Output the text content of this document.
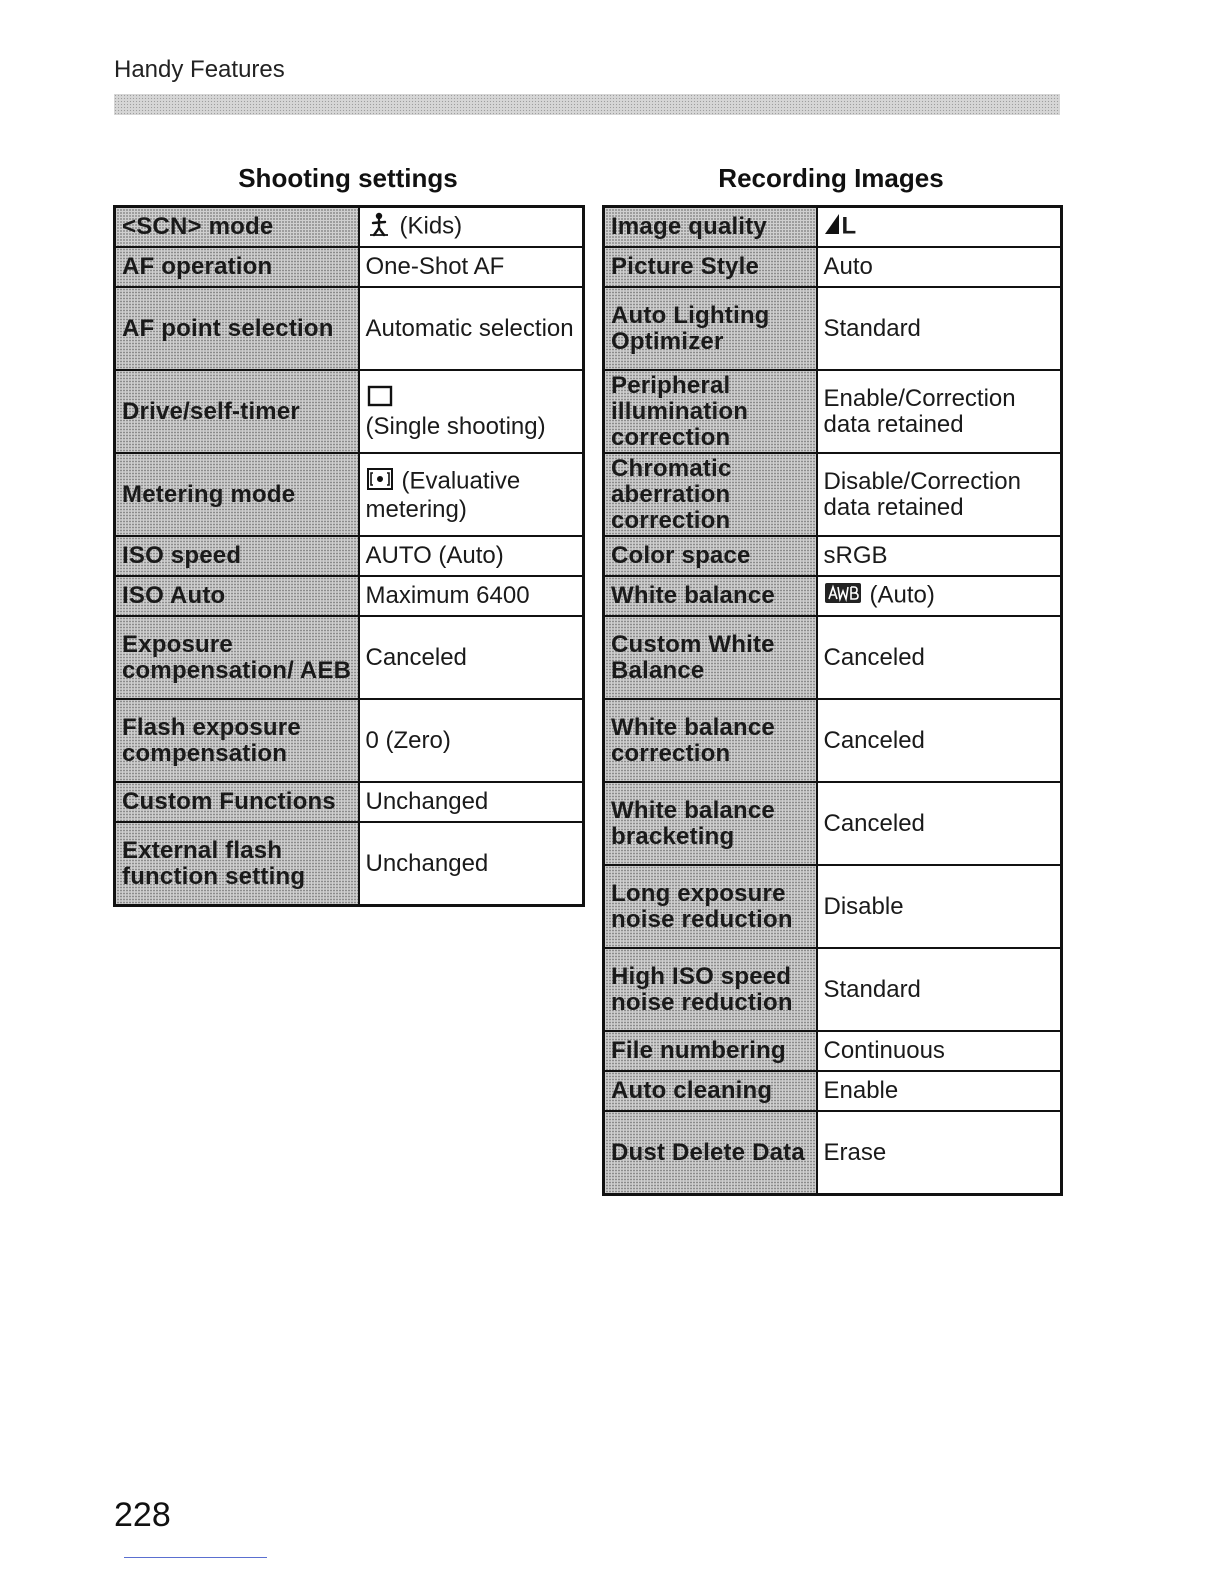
Handy Features
Shooting settings	Recording Images
<SCN> mode	(Kids)
AF operation	One-Shot AF
AF point selection	Automatic selection
Drive/self-timer	(Single shooting)

Metering mode	(Evaluative metering)
ISO speed	AUTO (Auto)
ISO Auto	Maximum 6400
Exposure compensation/ AEB	Canceled
Flash exposure compensation	0 (Zero)
Custom Functions	Unchanged
External flash function setting	Unchanged
Image quality	L
Picture Style	Auto
Auto Lighting Optimizer	Standard
Peripheral illumination correction	Enable/Correction data retained
Chromatic aberration correction	Disable/Correction data retained
Color space	sRGB
White balance	(Auto)
Custom White Balance	Canceled
White balance correction	Canceled
White balance bracketing	Canceled
Long exposure noise reduction	Disable
High ISO speed noise reduction	Standard
File numbering	Continuous
Auto cleaning	Enable
Dust Delete Data	Erase
228
